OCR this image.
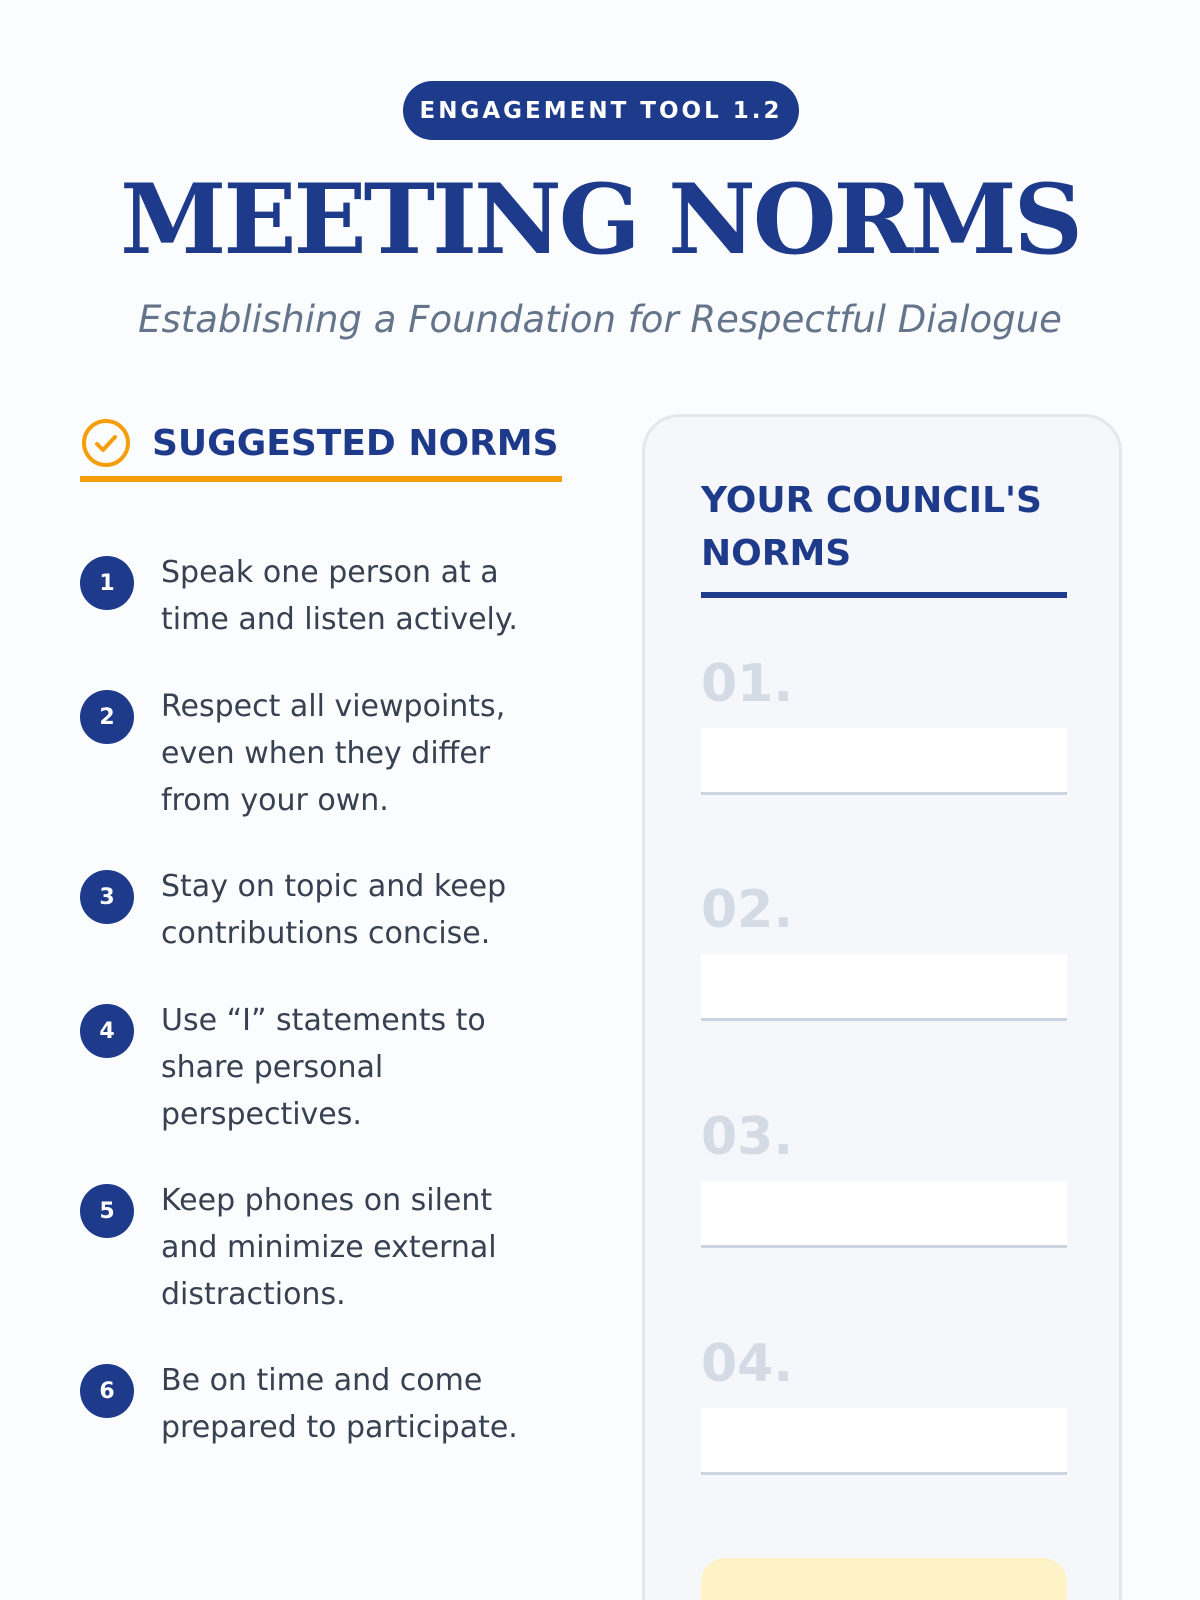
ENGAGEMENT TOOL 1.2
MEETING NORMS
Establishing a Foundation for Respectful Dialogue
SUGGESTED NORMS
1	Speak one person at a
time and listen actively.

2	Respect all viewpoints,
even when they differ
from your own.

3	Stay on topic and keep
contributions concise.

4	Use “I” statements to
share personal
perspectives.

5	Keep phones on silent
and minimize external
distractions.

6	Be on time and come
prepared to participate.

YOUR COUNCIL'S NORMS
01.
02.
03.
04.
